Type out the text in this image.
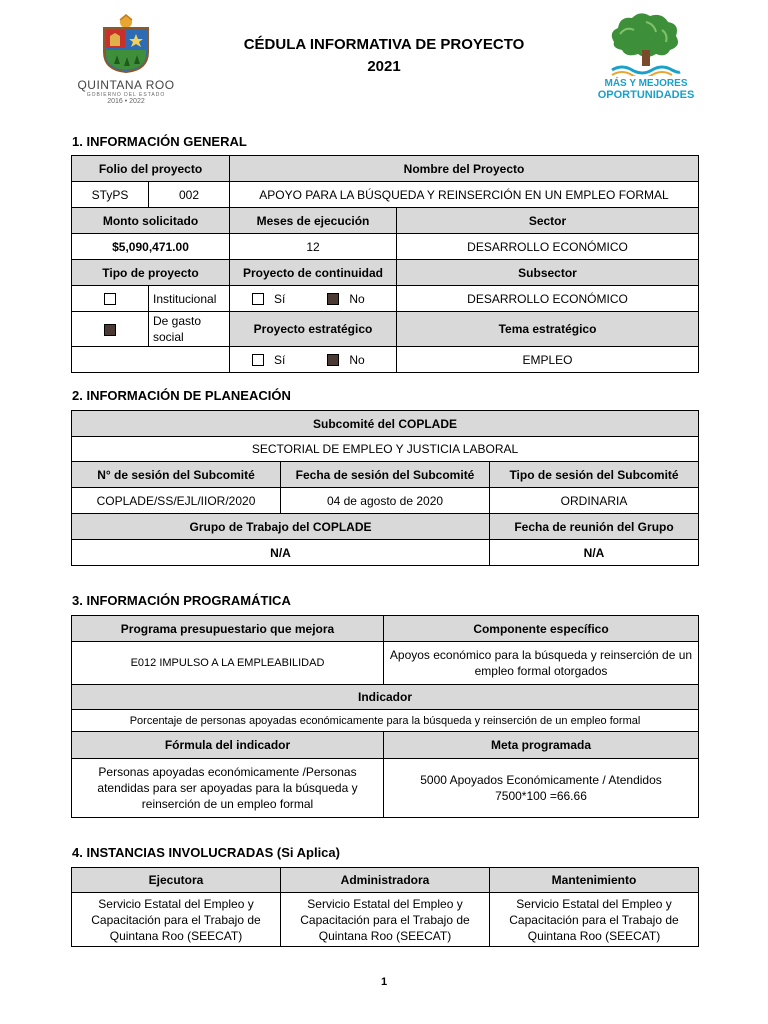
QUINTANA ROO
GOBIERNO DEL ESTADO
2016 • 2022
CÉDULA INFORMATIVA DE PROYECTO
2021
MÁS Y MEJORES
OPORTUNIDADES
1. INFORMACIÓN GENERAL
Folio del proyecto		Nombre del Proyecto	
STyPS	002	APOYO PARA LA BÚSQUEDA Y REINSERCIÓN EN UN EMPLEO FORMAL	
Monto solicitado		Meses de ejecución	Sector
$5,090,471.00		12	DESARROLLO ECONÓMICO
Tipo de proyecto		Proyecto de continuidad	Subsector
	Institucional	Sí No	DESARROLLO ECONÓMICO
	De gasto social	Proyecto estratégico	Tema estratégico

		Sí No	EMPLEO
2. INFORMACIÓN DE PLANEACIÓN
Subcomité del COPLADE		
SECTORIAL DE EMPLEO Y JUSTICIA LABORAL		
N° de sesión del Subcomité	Fecha de sesión del Subcomité	Tipo de sesión del Subcomité
COPLADE/SS/EJL/IIOR/2020	04 de agosto de 2020	ORDINARIA
Grupo de Trabajo del COPLADE		Fecha de reunión del Grupo
N/A		N/A
3. INFORMACIÓN PROGRAMÁTICA
Programa presupuestario que mejora	Componente específico
E012 IMPULSO A LA EMPLEABILIDAD	Apoyos económico para la búsqueda y reinserción de un empleo formal otorgados
Indicador	
Porcentaje de personas apoyadas económicamente para la búsqueda y reinserción de un empleo formal	
Fórmula del indicador	Meta programada
Personas apoyadas económicamente /Personas atendidas para ser apoyadas para la búsqueda y reinserción de un empleo formal	5000 Apoyados Económicamente / Atendidos
7500*100 =66.66
4. INSTANCIAS INVOLUCRADAS (Si Aplica)
Ejecutora	Administradora	Mantenimiento
Servicio Estatal del Empleo y Capacitación para el Trabajo de Quintana Roo (SEECAT)	Servicio Estatal del Empleo y Capacitación para el Trabajo de Quintana Roo (SEECAT)	Servicio Estatal del Empleo y Capacitación para el Trabajo de Quintana Roo (SEECAT)
1
